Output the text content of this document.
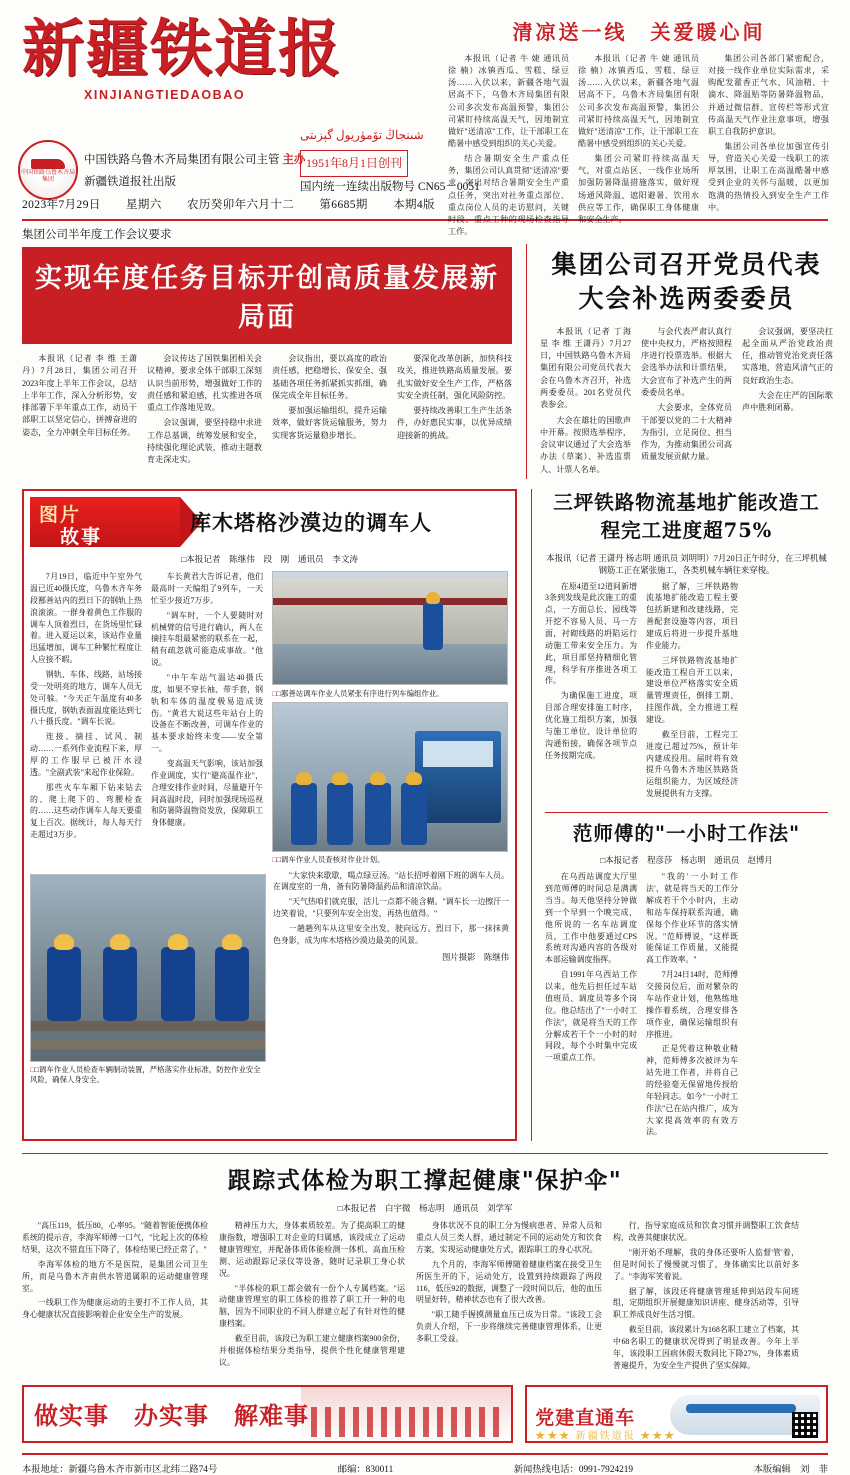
新疆铁道报
XINJIANGTIEDAOBAO
شىنجاڭ تۆمۈريول گېزىتى
中国铁路乌鲁木齐局集团
中国铁路乌鲁木齐局集团有限公司主管 主办
新疆铁道报社出版
1951年8月1日创刊
国内统一连续出版物号 CN65－0051
2023年7月29日 星期六 农历癸卯年六月十二 第6685期 本期4版
清凉送一线　关爱暖心间

本报讯（记者 牛 婕 通讯员 徐 楠）冰镇西瓜、雪糕、绿豆汤……入伏以来，新疆各地气温居高不下，乌鲁木齐局集团有限公司多次发布高温预警，集团公司紧盯持续高温天气，因地制宜做好"送清凉"工作，让干部职工在酷暑中感受到组织的关心关爱。

结合暑期安全生产重点任务，集团公司认真贯彻"送清凉"要求，突出对结合暑期安全生产重点任务，突出对社务重点部位、重点岗位人员的走访慰问，关键时段、重点工种的现场检查指导工作。

本报讯（记者 牛 婕 通讯员 徐 楠）冰镇西瓜、雪糕、绿豆汤……入伏以来，新疆各地气温居高不下，乌鲁木齐局集团有限公司多次发布高温预警，集团公司紧盯持续高温天气，因地制宜做好"送清凉"工作，让干部职工在酷暑中感受到组织的关心关爱。

集团公司紧盯持续高温天气，对重点站区、一线作业场所加强防暑降温措施落实，做好现场通风降温、遮阳避暑、饮用水供应等工作，确保职工身体健康和安全生产。

集团公司各部门紧密配合，对接一线作业单位实际需求，采购配发藿香正气水、风油精、十滴水、降温贴等防暑降温物品，并通过微信群、宣传栏等形式宣传高温天气作业注意事项，增强职工自我防护意识。

集团公司各单位加强宣传引导，营造关心关爱一线职工的浓厚氛围，让职工在高温酷暑中感受到企业的关怀与温暖，以更加饱满的热情投入到安全生产工作中。

集团公司半年度工作会议要求
实现年度任务目标开创高质量发展新局面

本报讯（记者 李 维 王潇丹）7月28日，集团公司召开2023年度上半年工作会议，总结上半年工作，深入分析形势，安排部署下半年重点工作，动员干部职工以坚定信心、拼搏奋进的姿态，全力冲刺全年目标任务。

会议传达了国铁集团相关会议精神，要求全体干部职工深刻认识当前形势，增强做好工作的责任感和紧迫感，扎实推进各项重点工作落地见效。

会议强调，要坚持稳中求进工作总基调，统筹发展和安全，持续强化理论武装，推动主题教育走深走实。

会议指出，要以高度的政治责任感，把稳增长、保安全、强基础各项任务抓紧抓实抓细，确保完成全年目标任务。

要加强运输组织，提升运输效率，做好客货运输服务，努力实现客货运量稳步增长。

要深化改革创新，加快科技攻关，推进铁路高质量发展。要扎实做好安全生产工作，严格落实安全责任制，强化风险防控。

要持续改善职工生产生活条件，办好惠民实事，以优异成绩迎接新的挑战。

集团公司召开党员代表大会补选两委委员

本报讯（记者 丁海星 李 维 王潇丹）7月27日，中国铁路乌鲁木齐局集团有限公司党员代表大会在乌鲁木齐召开，补选两委委员。201名党员代表参会。

大会在雄壮的国歌声中开幕。按照选举程序，会议审议通过了大会选举办法（草案）、补选监票人、计票人名单。

与会代表严肃认真行使中央权力，严格按照程序进行投票选举。根据大会选举办法和计票结果，大会宣布了补选产生的两委委员名单。

大会要求，全体党员干部要以党的二十大精神为指引，立足岗位、担当作为，为推动集团公司高质量发展贡献力量。

会议强调，要坚决扛起全面从严治党政治责任，推动管党治党责任落实落地，营造风清气正的良好政治生态。

大会在庄严的国际歌声中胜利闭幕。

图片
故事
库木塔格沙漠边的调车人
□本报记者　陈继伟　段　刚　通讯员　李文涛

7月19日，临近中午室外气温已近40摄氏度，乌鲁木齐车务段鄯善站内的烈日下的钢轨上热浪滚滚。一群身着黄色工作服的调车人顶着烈日，在货场里忙碌着。进入夏运以来，该站作业量迅猛增加，调车工种繁忙程度让人应接不暇。

钢轨、车体、线路，站场接受一处明亮的地方，调车人员无处可躲。"今天正午温度有40多摄氏度，钢轨表面温度能达到七八十摄氏度。"调车长说。

连接、摘挂、试风、制动……一系列作业流程下来，厚厚的工作服早已被汗水浸透。"全副武装"来起作业保险。

那些火车车厢下钻来钻去的、爬上爬下的、弯腰检查的……这些动作调车人每天要重复上百次。据统计，每人每天行走超过3万步。

车长黄君大告诉记者，他们最高时一天编组了9列车，一天忙至少接近7万步。

"调车时，一个人要随时对机械臂的信号进行确认，两人在摘挂车组最紧密的联系在一起，稍有疏忽就可能造成事故。"他说。

"中午车站气温达40摄氏度，如果不穿长袖、带手套，钢轨和车体的温度极易造成烫伤。"黄君大说这些年站台上的设备在不断改善，可调车作业的基本要求始终未变——安全第一。

变高温天气影响，该站加强作业调度，实行"避高温作业"，合理安排作业时间，尽量避开午间高温时段，同时加强现场巡视和防暑降温物资发放，保障职工身体健康。

□□鄯善站调车作业人员紧张有序进行列车编组作业。
□□调车作业人员查核对作业计划。
□□调车作业人员检查车辆制动装置，严格落实作业标准，防控作业安全风险，确保人身安全。

"大家快来歇歇，喝点绿豆汤。"站长招呼着刚下班的调车人员。在调度室的一角，备有防暑降温药品和清凉饮品。

"天气热咱们就克服，活儿一点都不能含糊。"调车长一边擦汗一边笑着说，"只要列车安全出发，再热也值得。"

一趟趟列车从这里安全出发，驶向远方。烈日下，那一抹抹黄色身影，成为库木塔格沙漠边最美的风景。

图片摄影　陈继伟
三坪铁路物流基地扩能改造工程完工进度超75%
本报讯（记者 王潇丹 杨志明 通讯员 刘明明）7月20日正午时分，在三坪机械钢筋工正在紧张施工，各类机械车辆往来穿梭。

在原4道至12道间新增3条到发线是此次施工的重点，一方面总长、园线等开挖不容易人员、马一方面，衬砌线路的坍陷运行动施工带来安全压力。为此，项目部坚持精细化管理，科学有序推进各项工作。

为确保施工进度，项目部合理安排施工时序，优化施工组织方案，加强与施工单位、设计单位的沟通衔接，确保各项节点任务按期完成。

据了解，三坪铁路物流基地扩能改造工程主要包括新建和改建线路，完善配套设施等内容，项目建成后将进一步提升基地作业能力。

三坪铁路物流基地扩能改造工程自开工以来，建设单位严格落实安全质量管理责任，倒排工期、挂图作战，全力推进工程建设。

截至目前，工程完工进度已超过75%，预计年内建成投用。届时将有效提升乌鲁木齐地区铁路货运组织能力，为区域经济发展提供有力支撑。

范师傅的"一小时工作法"
□本报记者　程彦莎　杨志明　通讯员　赵博月

在乌西站调度大厅里到范师傅的时间总是满满当当。每天他坚持分钟做到一个早到一个晚完成，他所说的一名车站调度员，工作中他要通过CPS系统对沟通内容的各级对本部运输调度指挥。

自1991年乌西站工作以来，他先后担任过车站值班员、调度员等多个岗位。他总结出了"一小时工作法"，就是将当天的工作分解成若干个一小时的时间段，每个小时集中完成一项重点工作。

"我的'一小时工作法'，就是将当天的工作分解成若干个小时内，主动和站车保持联系沟通，确保每个作业环节的落实情况。"范师傅说，"这样既能保证工作质量，又能提高工作效率。"

7月24日14时，范师傅交接岗位后，面对繁杂的车站作业计划，他熟练地操作着系统，合理安排各项作业，确保运输组织有序推进。

正是凭着这种敬业精神，范师傅多次被评为车站先进工作者，并将自己的经验毫无保留地传授给年轻同志。如今"一小时工作法"已在站内推广，成为大家提高效率的有效方法。

跟踪式体检为职工撑起健康"保护伞"
□本报记者　白宇微　杨志明　通讯员　刘学军

"高压119，低压80，心率95。"随着智能便携体检系统的提示音，李海军师傅一口气，"比起上次的体检结果，这次不错直压下降了，体检结果已经正常了。"

李海军体检的地方不是医院，是集团公司卫生所，而是乌鲁木齐南供水管道属职的运动健康管理室。

一线职工作为健康运动的主要打不工作人员，其身心健康状况直接影响着企业安全生产的发展。

精神压力大，身体素质较差。为了提高职工的健康指数，增强职工对企业的归属感，该段成立了运动健康管理室，并配备体质体能检测一体机、高血压检测、运动跟踪记录仪等设备，随时记录职工身心状况。

"半体检的职工都会做有一份个人专属档案。"运动健康管理室的职工体检的推荐了职工开一种的电脑，因为不同职业的不同人群建立起了有针对性的健康档案。

截至目前，该段已为职工建立健康档案900余份，并根据体检结果分类指导，提供个性化健康管理建议。

身体状况不良的职工分为慢病患者、异常人员和重点人员三类人群，通过制定不同的运动处方和饮食方案，实现运动健康处方式，跟踪职工的身心状况。

九个月的，李海军师傅随着健康档案在接受卫生所医生开的下，运动处方，设置到持续跟踪了两段116，低压92的数据，调整了一段时间以后，他的血压明显好转，精神状态也有了很大改善。

"职工随手握摸测量血压已成为日常。"该段工会负责人介绍，下一步将继续完善健康管理体系，让更多职工受益。

行，指导家庭成员和饮食习惯并调整职工饮食结构，改善其健康状况。

"刚开始不理解，我的身体还要听人监督'管'着，但是时间长了慢慢就习惯了，身体确实比以前好多了。"李海军笑着说。

据了解，该段还将健康管理延伸到站段车间班组，定期组织开展健康知识讲座、健身活动等，引导职工养成良好生活习惯。

截至目前，该段累计为168名职工建立了档案，其中68名职工的健康状况得到了明显改善。今年上半年，该段职工因病休假天数同比下降27%，身体素质普遍提升，为安全生产提供了坚实保障。

做实事　办实事　解难事	党建直通车
★★★ 新疆铁道报 ★★★
本报地址：新疆乌鲁木齐市新市区北纬二路74号	邮编：830011	新闻热线电话：0991-7924219	本版编辑　刘　菲
